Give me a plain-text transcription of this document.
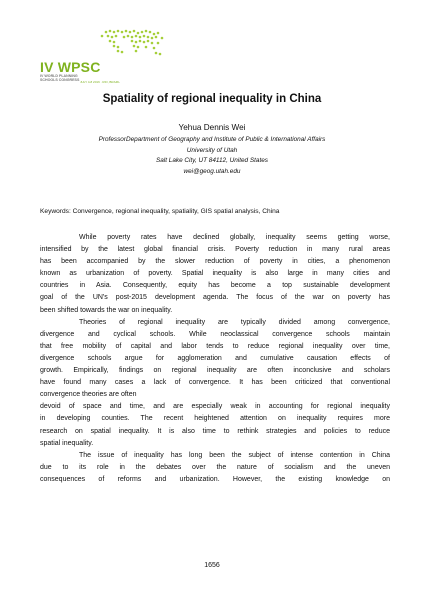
IV WPSC
IV WORLD PLANNING
SCHOOLS CONGRESS JULY 4-8 2016 · RIO, BRAZIL
Spatiality of regional inequality in China
Yehua Dennis Wei
ProfessorDepartment of Geography and Institute of Public & International Affairs
University of Utah
Salt Lake City, UT 84112, United States
wei@geog.utah.edu
Keywords: Convergence, regional inequality, spatiality, GIS spatial analysis, China
While poverty rates have declined globally, inequality seems getting worse,
intensified by the latest global financial crisis. Poverty reduction in many rural areas
has been accompanied by the slower reduction of poverty in cities, a phenomenon
known as urbanization of poverty. Spatial inequality is also large in many cities and
countries in Asia. Consequently, equity has become a top sustainable development
goal of the UN's post-2015 development agenda. The focus of the war on poverty has
been shifted towards the war on inequality.
Theories of regional inequality are typically divided among convergence,
divergence and cyclical schools. While neoclassical convergence schools maintain
that free mobility of capital and labor tends to reduce regional inequality over time,
divergence schools argue for agglomeration and cumulative causation effects of
growth. Empirically, findings on regional inequality are often inconclusive and scholars
have found many cases a lack of convergence. It has been criticized that conventional
convergence theories are often
devoid of space and time, and are especially weak in accounting for regional inequality
in developing counties. The recent heightened attention on inequality requires more
research on spatial inequality. It is also time to rethink strategies and policies to reduce
spatial inequality.
The issue of inequality has long been the subject of intense contention in China
due to its role in the debates over the nature of socialism and the uneven
consequences of reforms and urbanization. However, the existing knowledge on
1656
